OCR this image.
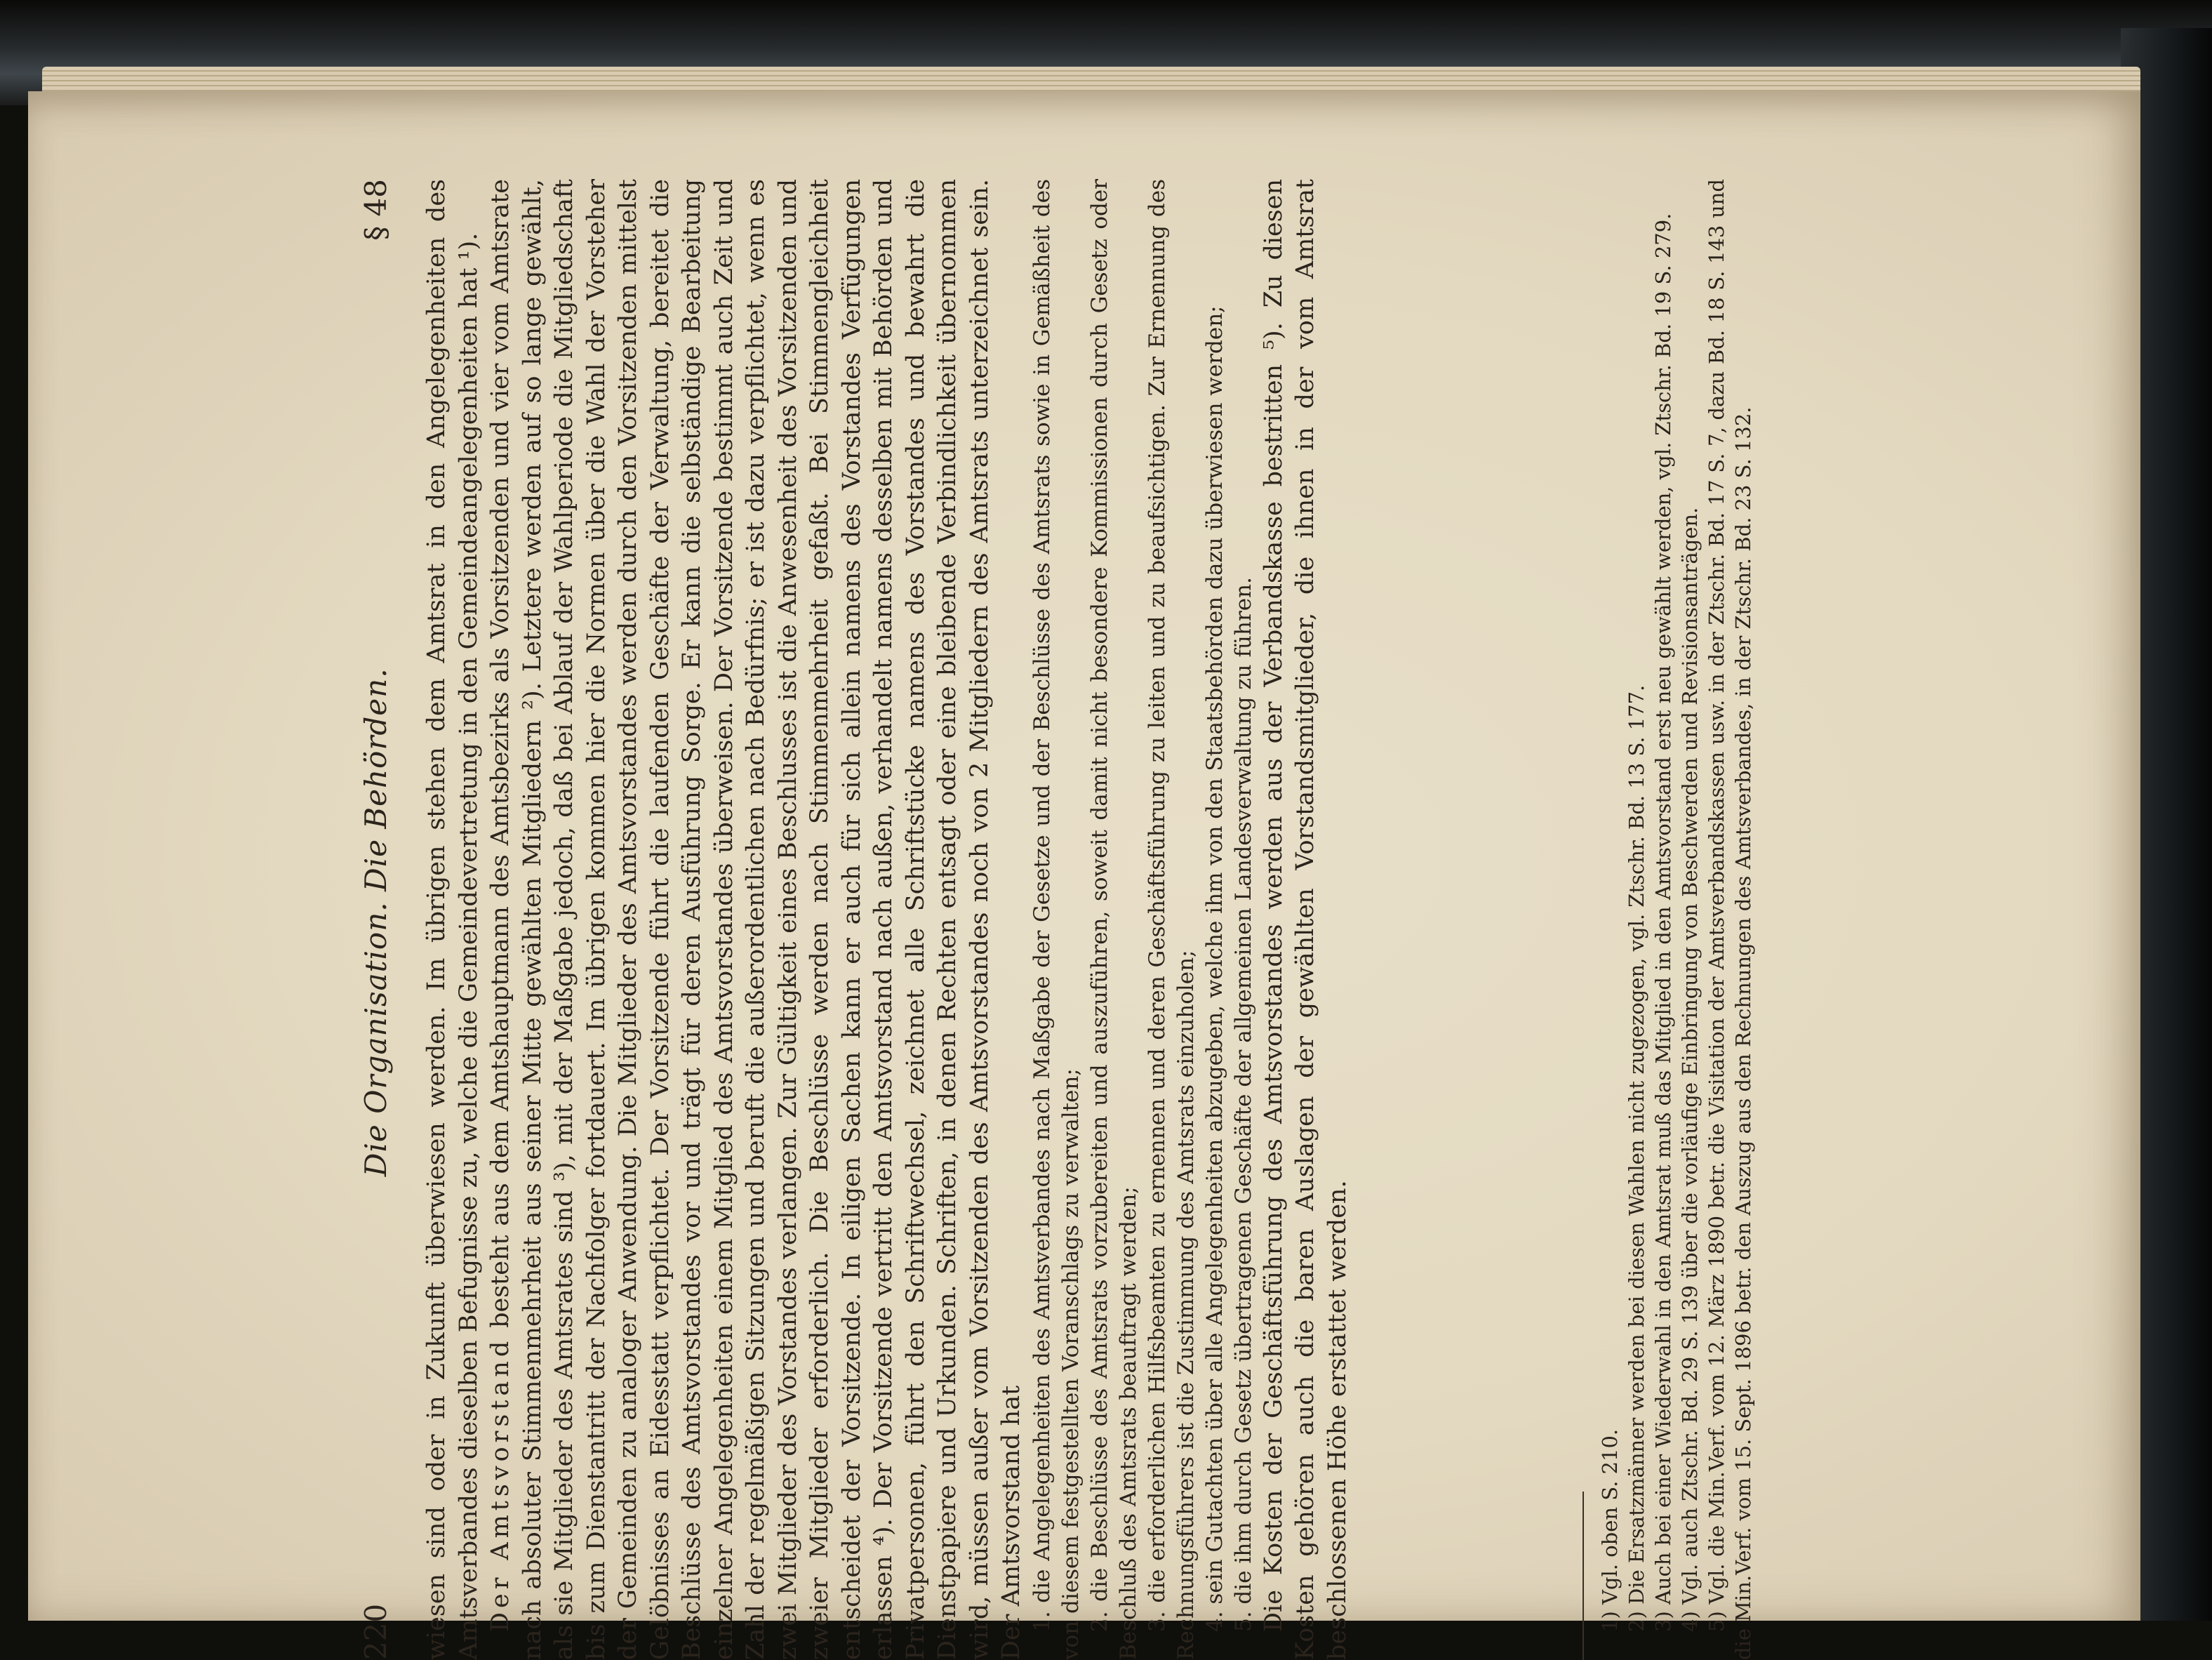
220
Die Organisation. Die Behörden.
§ 48 wiesen sind oder in Zukunft überwiesen werden. Im übrigen stehen dem Amtsrat in den Angelegenheiten des Amtsverbandes dieselben Befugnisse zu, welche die Gemeindevertretung in den Gemeindeangelegenheiten hat ¹). Der Amtsvorstand besteht aus dem Amtshauptmann des Amtsbezirks als Vorsitzenden und vier vom Amtsrate nach absoluter Stimmenmehrheit aus seiner Mitte gewählten Mitgliedern ²). Letztere werden auf so lange gewählt, als sie Mitglieder des Amtsrates sind ³), mit der Maßgabe jedoch, daß bei Ablauf der Wahlperiode die Mitgliedschaft bis zum Dienstantritt der Nachfolger fortdauert. Im übrigen kommen hier die Normen über die Wahl der Vorsteher der Gemeinden zu analoger Anwendung. Die Mitglieder des Amtsvorstandes werden durch den Vorsitzenden mittelst Gelöbnisses an Eidesstatt verpflichtet. Der Vorsitzende führt die laufenden Geschäfte der Verwaltung, bereitet die Beschlüsse des Amtsvorstandes vor und trägt für deren Ausführung Sorge. Er kann die selbständige Bearbeitung einzelner Angelegenheiten einem Mitglied des Amtsvorstandes überweisen. Der Vorsitzende bestimmt auch Zeit und Zahl der regelmäßigen Sitzungen und beruft die außerordentlichen nach Bedürfnis; er ist dazu verpflichtet, wenn es zwei Mitglieder des Vorstandes verlangen. Zur Gültigkeit eines Beschlusses ist die Anwesenheit des Vorsitzenden und zweier Mitglieder erforderlich. Die Beschlüsse werden nach Stimmenmehrheit gefaßt. Bei Stimmengleichheit entscheidet der Vorsitzende. In eiligen Sachen kann er auch für sich allein namens des Vorstandes Verfügungen erlassen ⁴). Der Vorsitzende vertritt den Amtsvorstand nach außen, verhandelt namens desselben mit Behörden und Privatpersonen, führt den Schriftwechsel, zeichnet alle Schriftstücke namens des Vorstandes und bewahrt die Dienstpapiere und Urkunden. Schriften, in denen Rechten entsagt oder eine bleibende Verbindlichkeit übernommen wird, müssen außer vom Vorsitzenden des Amtsvorstandes noch von 2 Mitgliedern des Amtsrats unterzeichnet sein. Der Amtsvorstand hat 1. die Angelegenheiten des Amtsverbandes nach Maßgabe der Gesetze und der Beschlüsse des Amtsrats sowie in Gemäßheit des von diesem festgestellten Voranschlags zu verwalten; 2. die Beschlüsse des Amtsrats vorzubereiten und auszuführen, soweit damit nicht besondere Kommissionen durch Gesetz oder Beschluß des Amtsrats beauftragt werden; 3. die erforderlichen Hilfsbeamten zu ernennen und deren Geschäftsführung zu leiten und zu beaufsichtigen. Zur Ernennung des Rechnungsführers ist die Zustimmung des Amtsrats einzuholen; 4. sein Gutachten über alle Angelegenheiten abzugeben, welche ihm von den Staatsbehörden dazu überwiesen werden; 5. die ihm durch Gesetz übertragenen Geschäfte der allgemeinen Landesverwaltung zu führen. Die Kosten der Geschäftsführung des Amtsvorstandes werden aus der Verbandskasse bestritten ⁵). Zu diesen Kosten gehören auch die baren Auslagen der gewählten Vorstandsmitglieder, die ihnen in der vom Amtsrat beschlossenen Höhe erstattet werden.	1) Vgl. oben S. 210. 2) Die Ersatzmänner werden bei diesen Wahlen nicht zugezogen, vgl. Ztschr. Bd. 13 S. 177. 3) Auch bei einer Wiederwahl in den Amtsrat muß das Mitglied in den Amtsvorstand erst neu gewählt werden, vgl. Ztschr. Bd. 19 S. 279. 4) Vgl. auch Ztschr. Bd. 29 S. 139 über die vorläufige Einbringung von Beschwerden und Revisionsanträgen. 5) Vgl. die Min.Verf. vom 12. März 1890 betr. die Visitation der Amtsverbandskassen usw. in der Ztschr. Bd. 17 S. 7, dazu Bd. 18 S. 143 und die Min.Verf. vom 15. Sept. 1896 betr. den Auszug aus den Rechnungen des Amtsverbandes, in der Ztschr. Bd. 23 S. 132.
